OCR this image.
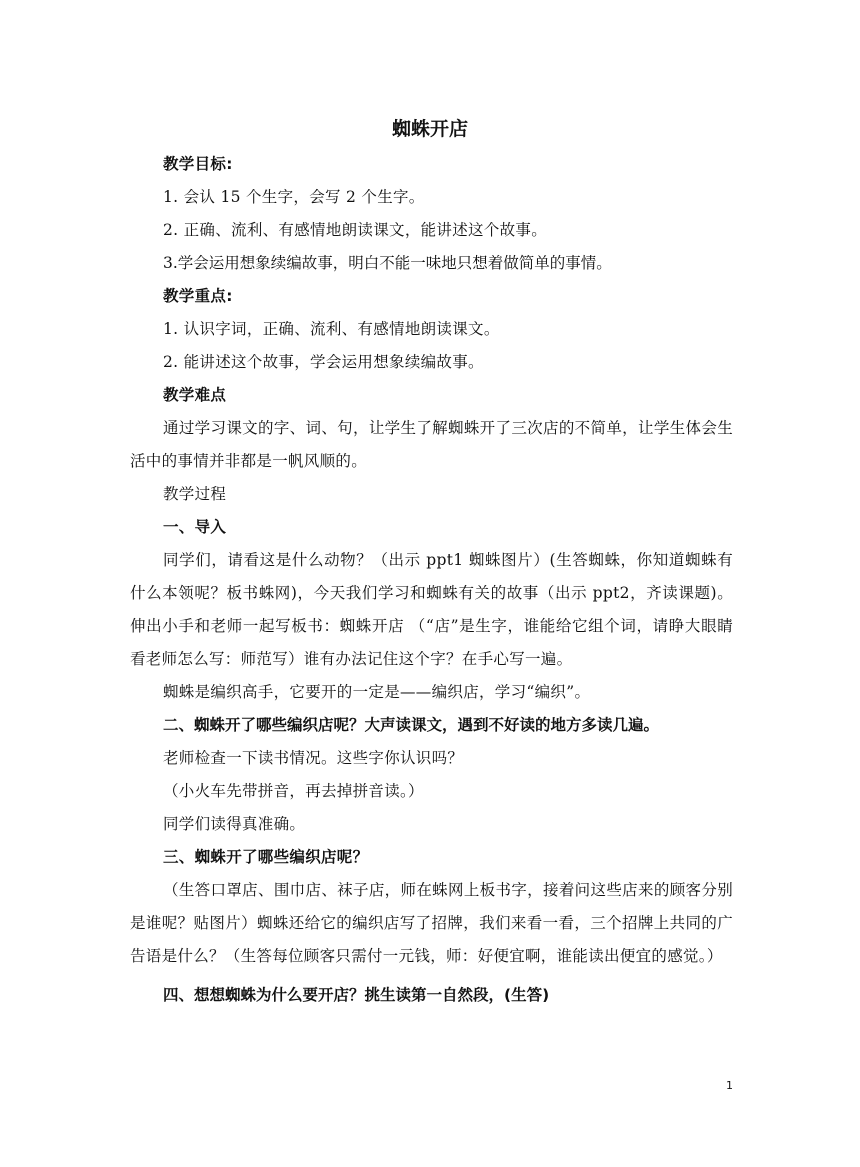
蜘蛛开店

教学目标:

1. 会认 15 个生字，会写 2 个生字。

2. 正确、流利、有感情地朗读课文，能讲述这个故事。

3.学会运用想象续编故事，明白不能一味地只想着做简单的事情。

教学重点:

1. 认识字词，正确、流利、有感情地朗读课文。

2. 能讲述这个故事，学会运用想象续编故事。

教学难点

通过学习课文的字、词、句，让学生了解蜘蛛开了三次店的不简单，让学生体会生活中的事情并非都是一帆风顺的。

教学过程

一、导入

同学们，请看这是什么动物？（出示 ppt1 蜘蛛图片）(生答蜘蛛，你知道蜘蛛有什么本领呢？板书蛛网)，今天我们学习和蜘蛛有关的故事（出示 ppt2，齐读课题)。伸出小手和老师一起写板书：蜘蛛开店 （“店”是生字，谁能给它组个词，请睁大眼睛看老师怎么写：师范写）谁有办法记住这个字？在手心写一遍。

蜘蛛是编织高手，它要开的一定是——编织店，学习“编织”。

二、蜘蛛开了哪些编织店呢？大声读课文，遇到不好读的地方多读几遍。

老师检查一下读书情况。这些字你认识吗？

（小火车先带拼音，再去掉拼音读。）

同学们读得真准确。

三、蜘蛛开了哪些编织店呢？

（生答口罩店、围巾店、袜子店，师在蛛网上板书字，接着问这些店来的顾客分别是谁呢？贴图片）蜘蛛还给它的编织店写了招牌，我们来看一看，三个招牌上共同的广告语是什么？（生答每位顾客只需付一元钱，师：好便宜啊，谁能读出便宜的感觉。）

四、想想蜘蛛为什么要开店？挑生读第一自然段，(生答)

1
